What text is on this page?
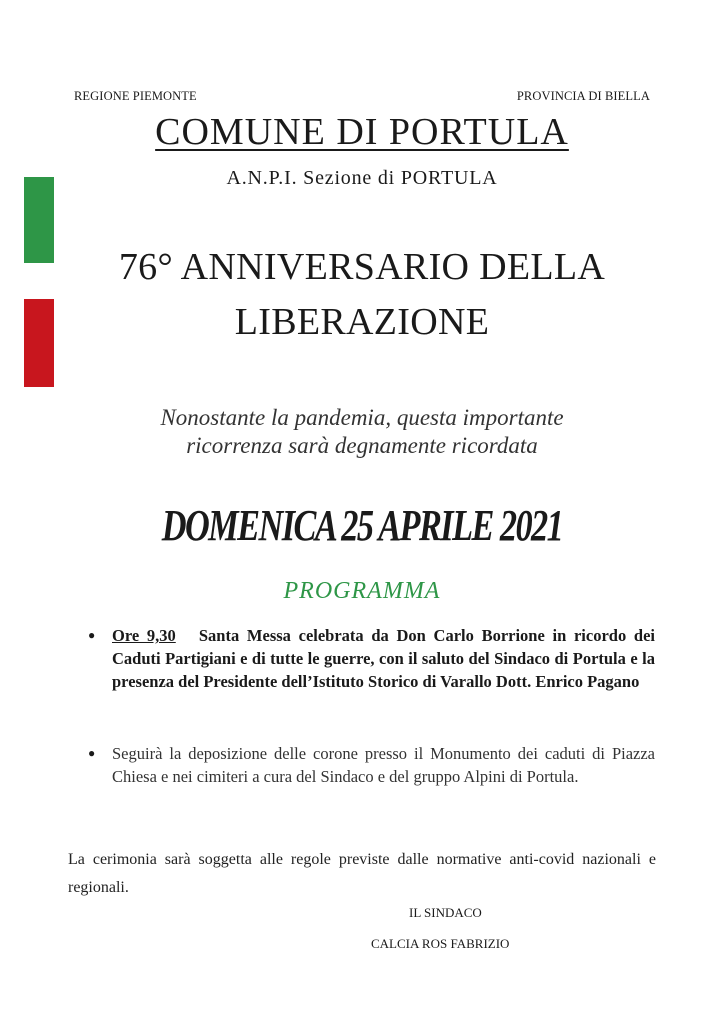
REGIONE PIEMONTE	PROVINCIA DI BIELLA
COMUNE DI PORTULA
A.N.P.I. Sezione di PORTULA
76° ANNIVERSARIO DELLA
LIBERAZIONE
Nonostante la pandemia, questa importante
ricorrenza sarà degnamente ricordata
DOMENICA 25 APRILE 2021
PROGRAMMA
● Ore 9,30 Santa Messa celebrata da Don Carlo Borrione in ricordo dei Caduti Partigiani e di tutte le guerre, con il saluto del Sindaco di Portula e la presenza del Presidente dell’Istituto Storico di Varallo Dott. Enrico Pagano
● Seguirà la deposizione delle corone presso il Monumento dei caduti di Piazza Chiesa e nei cimiteri a cura del Sindaco e del gruppo Alpini di Portula.
La cerimonia sarà soggetta alle regole previste dalle normative anti-covid nazionali e regionali.
IL SINDACO
CALCIA ROS FABRIZIO
